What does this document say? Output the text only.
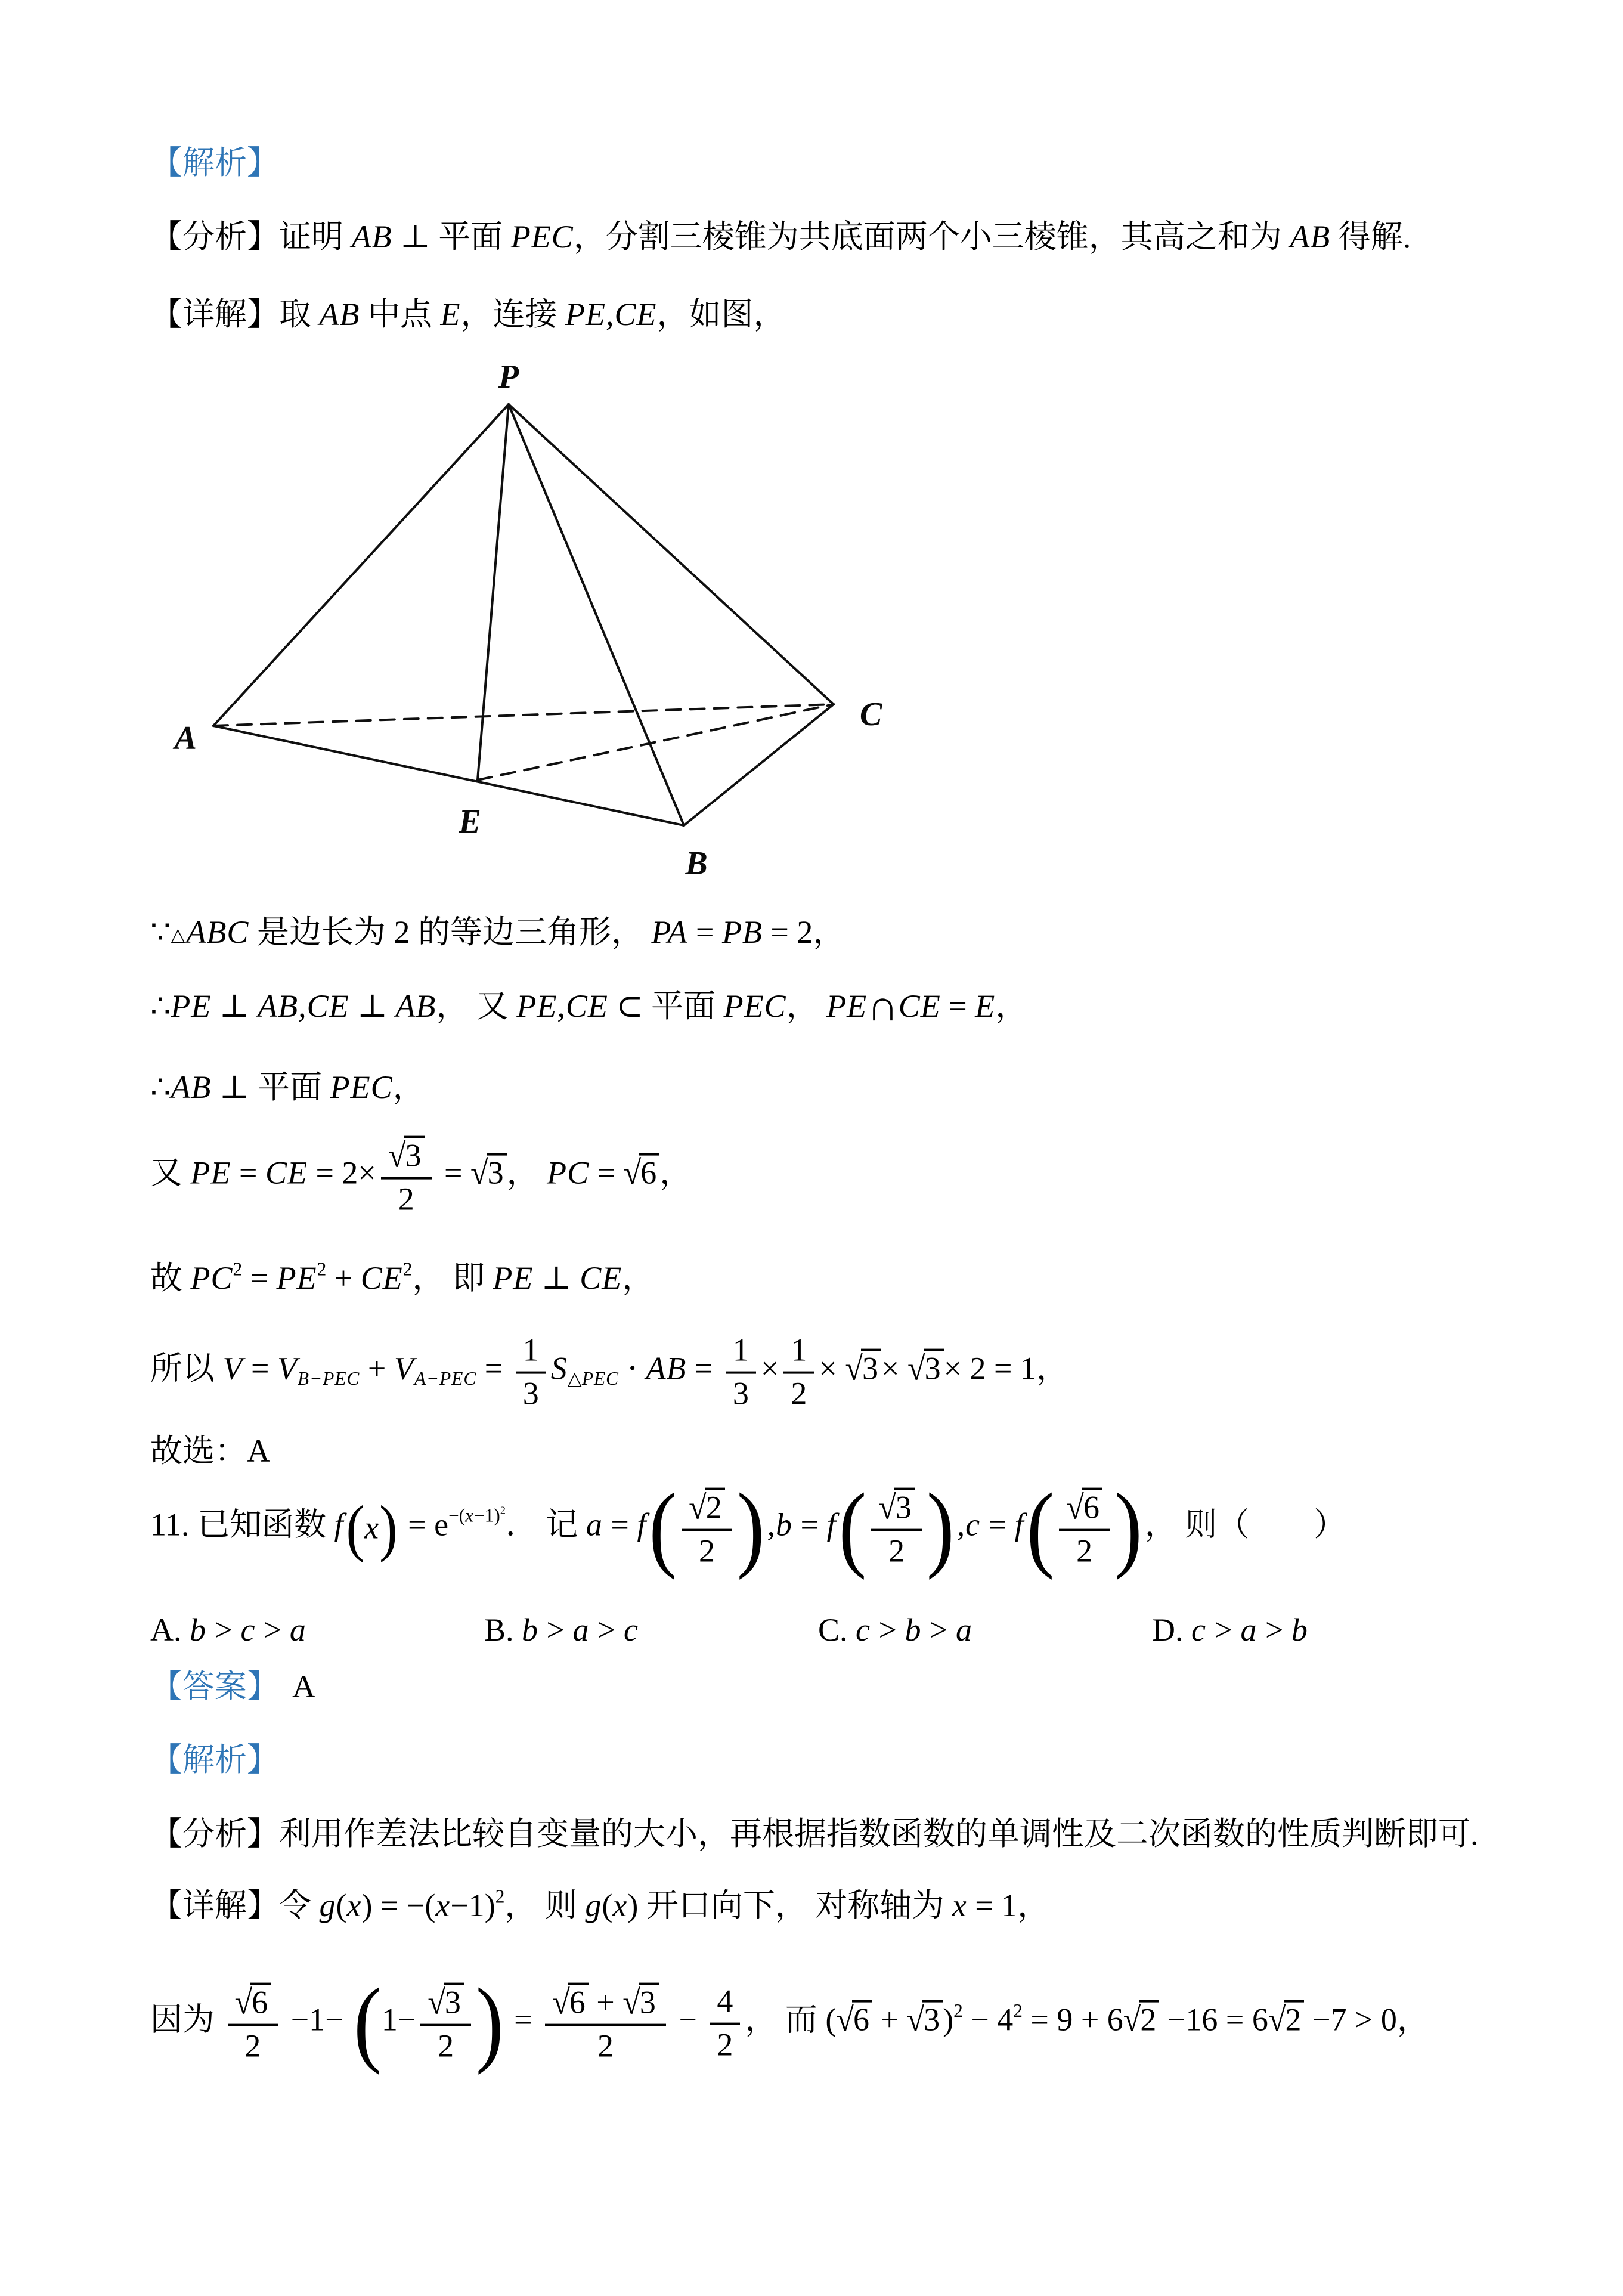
【解析】
【分析】证明 AB ⊥ 平面 PEC，分割三棱锥为共底面两个小三棱锥，其高之和为 AB 得解.
【详解】取 AB 中点 E，连接 PE,CE，如图，
P
A
B
C
E
∵△ABC 是边长为 2 的等边三角形， PA = PB = 2，
∴PE ⊥ AB,CE ⊥ AB， 又 PE,CE ⊂ 平面 PEC， PE∩CE = E，
∴AB ⊥ 平面 PEC，
又 PE = CE = $2\times \frac{√3}{2} = √3$， PC = √6，
故 $PC^2 = PE^2 + CE^2$， 即 PE ⊥ CE，
所以 $V = VB-PEC + VA-PEC = \frac{1}{3}$ S△PEC ⋅ AB = $\frac{1}{3} \times \frac{1}{2} \times √3\times √3\times 2 = 1$，
故选：A
11. 已知函数 f ( x ) = $e^{-(x-1)^2}$． 记 a = f ( $\frac{√2}{2}$ ) ,b = f ( $\frac{√3}{2}$ ) ,c = f ( $\frac{√6}{2}$ ) ， 则（　　）
A. b > c > a	B. b > a > c	C. c > b > a	D. c > a > b
【答案】 A
【解析】
【分析】利用作差法比较自变量的大小，再根据指数函数的单调性及二次函数的性质判断即可.
【详解】令 $g(x) = -(x-1)^2$， 则 g(x) 开口向下， 对称轴为 x = 1，
因为 $\frac{√6}{2} -1-$ ( $1- \frac{√3}{2}$ ) = $\frac{√6 + √3}{2} - \frac{4}{2}$ ， 而 $(√6 + √3)^2 - 4^2 = 9 + 6√2 -16 = 6√2 -7 > 0$，
